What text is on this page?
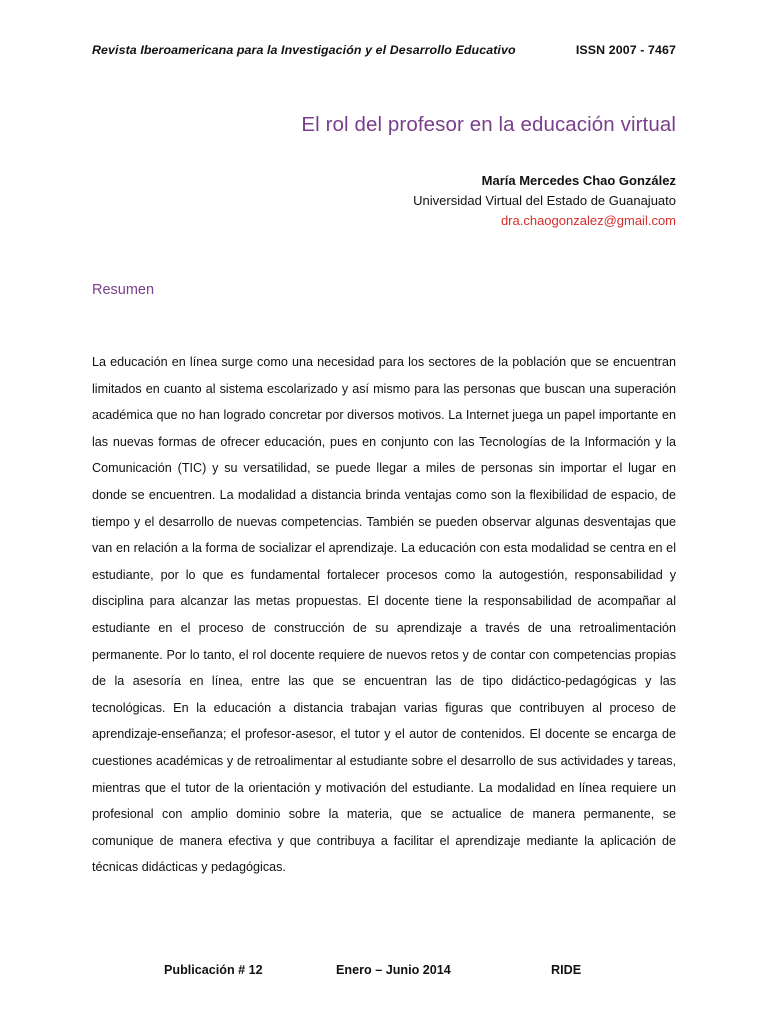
Revista Iberoamericana para la Investigación y el Desarrollo Educativo	ISSN 2007 - 7467
El rol del profesor en la educación virtual
María Mercedes Chao González
Universidad Virtual del Estado de Guanajuato
dra.chaogonzalez@gmail.com
Resumen
La educación en línea surge como una necesidad para los sectores de la población que se encuentran limitados en cuanto al sistema escolarizado y así mismo para las personas que buscan una superación académica que no han logrado concretar por diversos motivos. La Internet juega un papel importante en las nuevas formas de ofrecer educación, pues en conjunto con las Tecnologías de la Información y la Comunicación (TIC) y su versatilidad, se puede llegar a miles de personas sin importar el lugar en donde se encuentren. La modalidad a distancia brinda ventajas como son la flexibilidad de espacio, de tiempo y el desarrollo de nuevas competencias. También se pueden observar algunas desventajas que van en relación a la forma de socializar el aprendizaje. La educación con esta modalidad se centra en el estudiante, por lo que es fundamental fortalecer procesos como la autogestión, responsabilidad y disciplina para alcanzar las metas propuestas. El docente tiene la responsabilidad de acompañar al estudiante en el proceso de construcción de su aprendizaje a través de una retroalimentación permanente. Por lo tanto, el rol docente requiere de nuevos retos y de contar con competencias propias de la asesoría en línea, entre las que se encuentran las de tipo didáctico-pedagógicas y las tecnológicas. En la educación a distancia trabajan varias figuras que contribuyen al proceso de aprendizaje-enseñanza; el profesor-asesor, el tutor y el autor de contenidos. El docente se encarga de cuestiones académicas y de retroalimentar al estudiante sobre el desarrollo de sus actividades y tareas, mientras que el tutor de la orientación y motivación del estudiante. La modalidad en línea requiere un profesional con amplio dominio sobre la materia, que se actualice de manera permanente, se comunique de manera efectiva y que contribuya a facilitar el aprendizaje mediante la aplicación de técnicas didácticas y pedagógicas.
Publicación # 12	Enero – Junio 2014	RIDE
